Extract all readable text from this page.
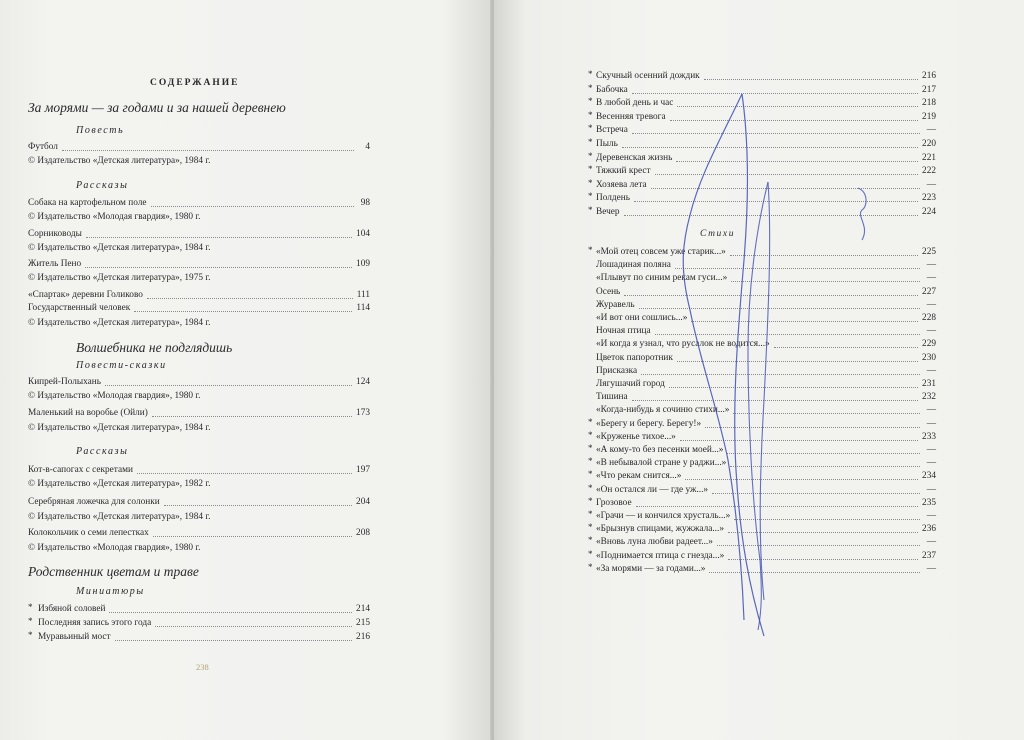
СОДЕРЖАНИЕ
За морями — за годами и за нашей деревнею
Повесть
Футбол	4
© Издательство «Детская литература», 1984 г.
Рассказы
Собака на картофельном поле	98
© Издательство «Молодая гвардия», 1980 г.
Сорниководы	104
© Издательство «Детская литература», 1984 г.
Житель Пено	109
© Издательство «Детская литература», 1975 г.
«Спартак» деревни Голиково	111
Государственный человек	114
© Издательство «Детская литература», 1984 г.
Волшебника не подглядишь
Повести-сказки
Кипрей-Полыхань	124
© Издательство «Молодая гвардия», 1980 г.
Маленький на воробье (Ойли)	173
© Издательство «Детская литература», 1984 г.
Рассказы
Кот-в-сапогах с секретами	197
© Издательство «Детская литература», 1982 г.
Серебряная ложечка для солонки	204
© Издательство «Детская литература», 1984 г.
Колокольчик о семи лепестках	208
© Издательство «Молодая гвардия», 1980 г.
Родственник цветам и траве
Миниатюры
* Избяной соловей	214
* Последняя запись этого года	215
* Муравьиный мост	216
238
* Скучный осенний дождик	216
* Бабочка	217
* В любой день и час	218
* Весенняя тревога	219
* Встреча	—
* Пыль	220
* Деревенская жизнь	221
* Тяжкий крест	222
* Хозяева лета	—
* Полдень	223
* Вечер	224
* «Мой отец совсем уже старик...»	225
Лошадиная поляна	—
«Плывут по синим рекам гуси...»	—
Осень	227
Журавель	—
«И вот они сошлись...»	228
Ночная птица	—
«И когда я узнал, что русалок не водится...»	229
Цветок папоротник	230
Присказка	—
Лягушачий город	231
Тишина	232
«Когда-нибудь я сочиню стихи...»	—
* «Берегу и берегу. Берегу!»	—
* «Круженье тихое...»	233
* «А кому-то без песенки моей...»	—
* «В небывалой стране у раджи...»	—
* «Что рекам снится...»	234
* «Он остался ли — где уж...»	—
* Грозовое	235
* «Грачи — и кончился хрусталь...»	—
* «Брызнув спицами, жужжала...»	236
* «Вновь луна любви радеет...»	—
* «Поднимается птица с гнезда...»	237
* «За морями — за годами...»	—
Стихи
